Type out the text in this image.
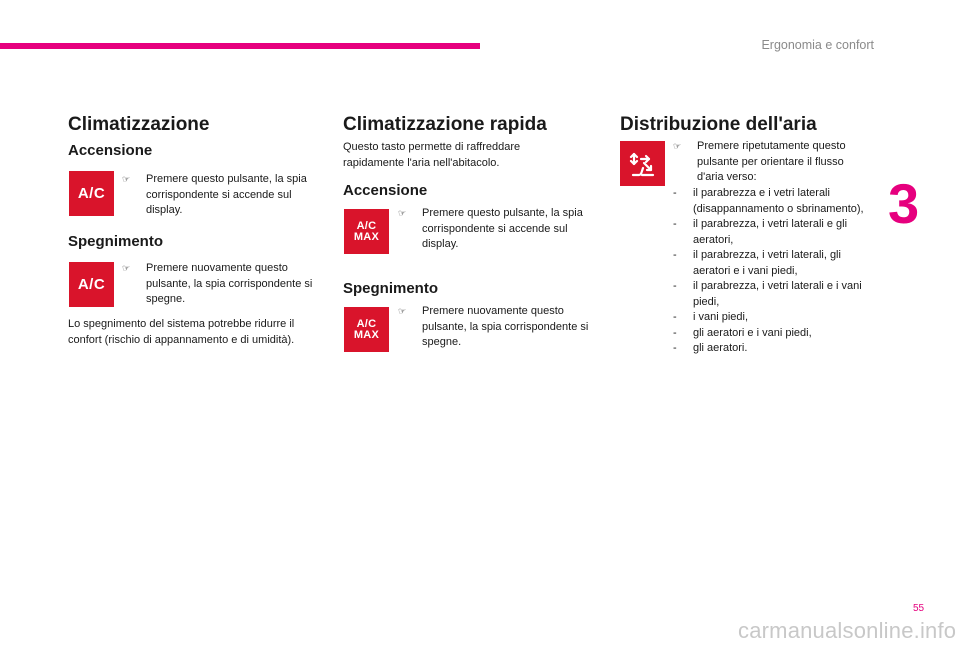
Ergonomia e confort
3
Climatizzazione
Accensione
A/C
☞ Premere questo pulsante, la spia corrispondente si accende sul display.
Spegnimento
A/C
☞ Premere nuovamente questo pulsante, la spia corrispondente si spegne.
Lo spegnimento del sistema potrebbe ridurre il confort (rischio di appannamento e di umidità).
Climatizzazione rapida
Questo tasto permette di raffreddare rapidamente l'aria nell'abitacolo.
Accensione
A/C
MAX
☞ Premere questo pulsante, la spia corrispondente si accende sul display.
Spegnimento
A/C
MAX
☞ Premere nuovamente questo pulsante, la spia corrispondente si spegne.
Distribuzione dell'aria
☞ Premere ripetutamente questo pulsante per orientare il flusso d'aria verso:
- il parabrezza e i vetri laterali (disappannamento o sbrinamento),
- il parabrezza, i vetri laterali e gli aeratori,
- il parabrezza, i vetri laterali, gli aeratori e i vani piedi,
- il parabrezza, i vetri laterali e i vani piedi,
- i vani piedi,
- gli aeratori e i vani piedi,
- gli aeratori.
55
carmanualsonline.info
